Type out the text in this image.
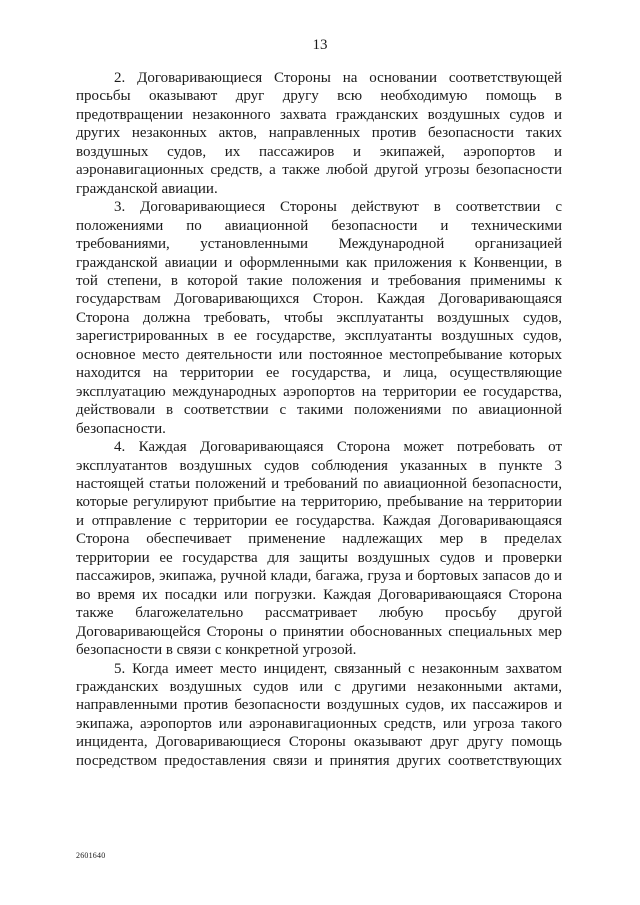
13

2. Договаривающиеся Стороны на основании соответствующей
просьбы оказывают друг другу всю необходимую помощь в
предотвращении незаконного захвата гражданских воздушных судов и
других незаконных актов, направленных против безопасности таких
воздушных судов, их пассажиров и экипажей, аэропортов и
аэронавигационных средств, а также любой другой угрозы безопасности
гражданской авиации.

3. Договаривающиеся Стороны действуют в соответствии с
положениями по авиационной безопасности и техническими
требованиями, установленными Международной организацией
гражданской авиации и оформленными как приложения к Конвенции, в
той степени, в которой такие положения и требования применимы к
государствам Договаривающихся Сторон. Каждая Договаривающаяся
Сторона должна требовать, чтобы эксплуатанты воздушных судов,
зарегистрированных в ее государстве, эксплуатанты воздушных судов,
основное место деятельности или постоянное местопребывание которых
находится на территории ее государства, и лица, осуществляющие
эксплуатацию международных аэропортов на территории ее государства,
действовали в соответствии с такими положениями по авиационной
безопасности.

4. Каждая Договаривающаяся Сторона может потребовать от
эксплуатантов воздушных судов соблюдения указанных в пункте 3
настоящей статьи положений и требований по авиационной безопасности,
которые регулируют прибытие на территорию, пребывание на территории
и отправление с территории ее государства. Каждая Договаривающаяся
Сторона обеспечивает применение надлежащих мер в пределах
территории ее государства для защиты воздушных судов и проверки
пассажиров, экипажа, ручной клади, багажа, груза и бортовых запасов до и
во время их посадки или погрузки. Каждая Договаривающаяся Сторона
также благожелательно рассматривает любую просьбу другой
Договаривающейся Стороны о принятии обоснованных специальных мер
безопасности в связи с конкретной угрозой.

5. Когда имеет место инцидент, связанный с незаконным захватом
гражданских воздушных судов или с другими незаконными актами,
направленными против безопасности воздушных судов, их пассажиров и
экипажа, аэропортов или аэронавигационных средств, или угроза такого
инцидента, Договаривающиеся Стороны оказывают друг другу помощь
посредством предоставления связи и принятия других соответствующих

2601640
